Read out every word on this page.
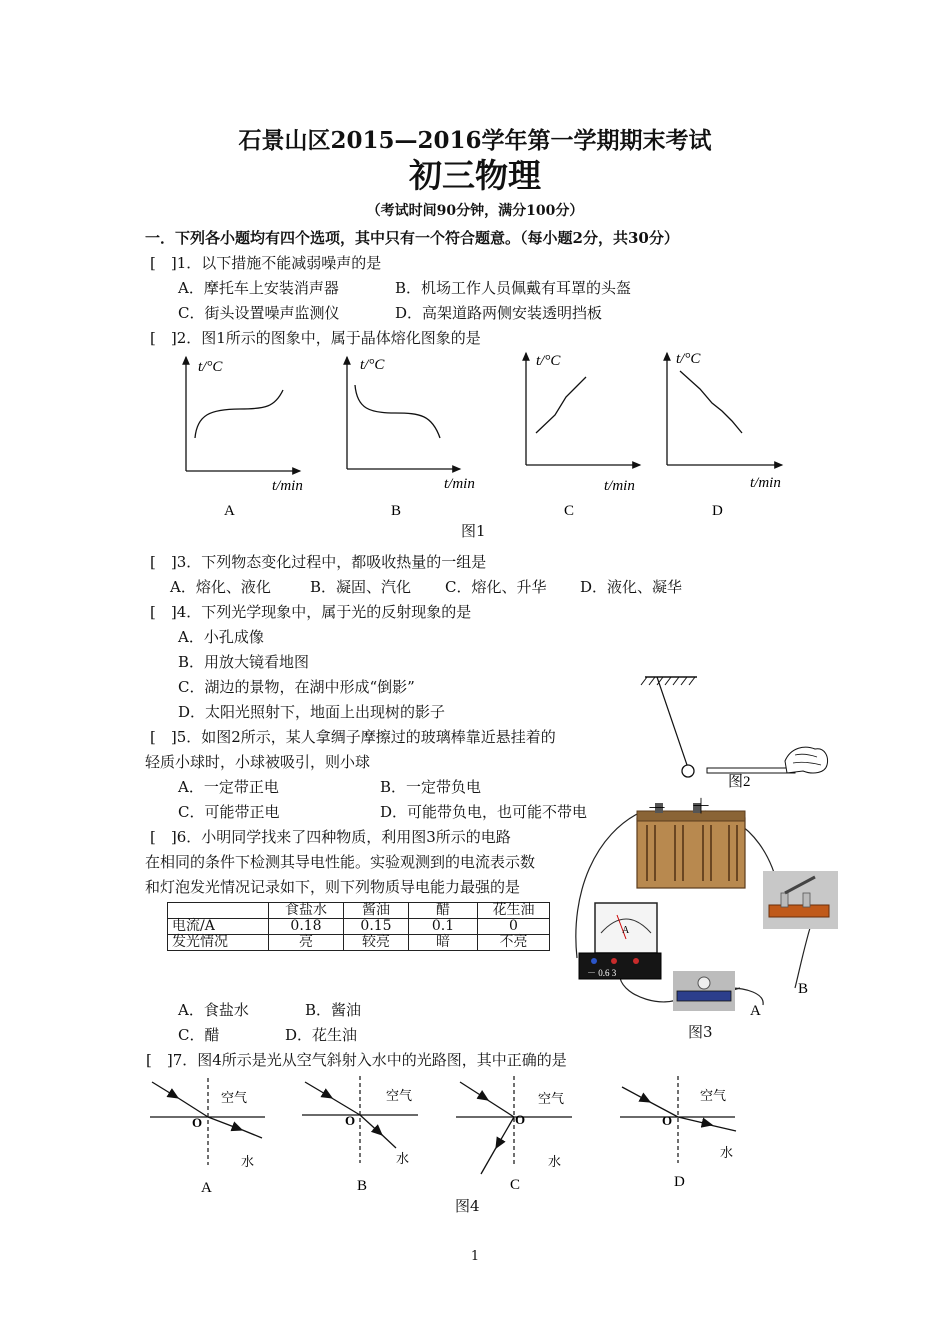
石景山区2015—2016学年第一学期期末考试
初三物理
（考试时间90分钟，满分100分）
一．下列各小题均有四个选项，其中只有一个符合题意。（每小题2分，共30分）
[　]1．以下措施不能减弱噪声的是
A．摩托车上安装消声器	B．机场工作人员佩戴有耳罩的头盔
C．街头设置噪声监测仪	D．高架道路两侧安装透明挡板
[　]2．图1所示的图象中，属于晶体熔化图象的是
t/°C
t/min
A
t/°C
t/min
B
t/°C
t/min
C
t/°C
t/min
D
图1
[　]3．下列物态变化过程中，都吸收热量的一组是
A．熔化、液化	B．凝固、汽化 C．熔化、升华 D．液化、凝华
[　]4．下列光学现象中，属于光的反射现象的是
A．小孔成像
B．用放大镜看地图
C．湖边的景物，在湖中形成“倒影”
D．太阳光照射下，地面上出现树的影子
图2
[　]5．如图2所示，某人拿绸子摩擦过的玻璃棒靠近悬挂着的
轻质小球时，小球被吸引，则小球
A．一定带正电	B．一定带负电
C．可能带正电	D．可能带负电，也可能不带电
[　]6．小明同学找来了四种物质，利用图3所示的电路
在相同的条件下检测其导电性能。实验观测到的电流表示数
和灯泡发光情况记录如下，则下列物质导电能力最强的是
	食盐水	酱油	醋	花生油
电流/A	0.18	0.15	0.1	0
发光情况	亮	较亮	暗	不亮
A．食盐水	B．酱油
C．醋	D．花生油
－ ＋
A
－ 0.6 3
A
B
图3
[　]7．图4所示是光从空气斜射入水中的光路图，其中正确的是
空气
水
O
A
空气
水
O
B
空气
水
O
C
空气
水
O
D
图4
1
